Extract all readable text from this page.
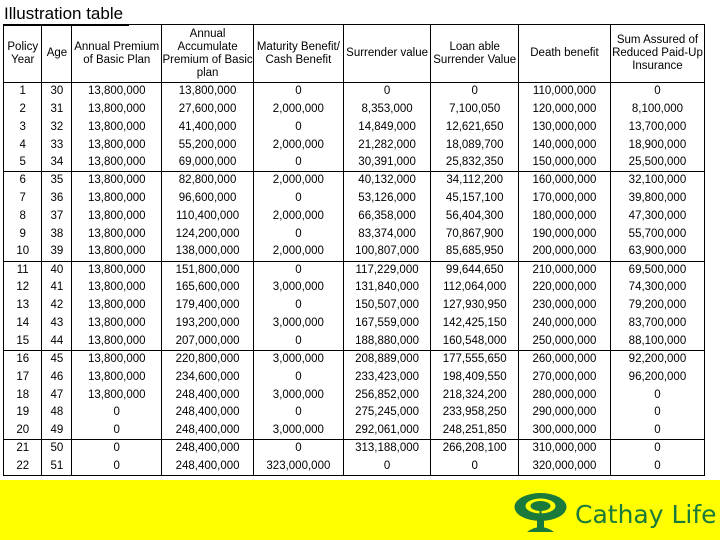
Illustration table
Policy Year	Age	Annual Premium of Basic Plan	Annual Accumulate Premium of Basic plan	Maturity Benefit/ Cash Benefit	Surrender value	Loan able Surrender Value	Death benefit	Sum Assured of Reduced Paid-Up Insurance
1	30	13,800,000	13,800,000	0	0	0	110,000,000	0
2	31	13,800,000	27,600,000	2,000,000	8,353,000	7,100,050	120,000,000	8,100,000
3	32	13,800,000	41,400,000	0	14,849,000	12,621,650	130,000,000	13,700,000
4	33	13,800,000	55,200,000	2,000,000	21,282,000	18,089,700	140,000,000	18,900,000
5	34	13,800,000	69,000,000	0	30,391,000	25,832,350	150,000,000	25,500,000
6	35	13,800,000	82,800,000	2,000,000	40,132,000	34,112,200	160,000,000	32,100,000
7	36	13,800,000	96,600,000	0	53,126,000	45,157,100	170,000,000	39,800,000
8	37	13,800,000	110,400,000	2,000,000	66,358,000	56,404,300	180,000,000	47,300,000
9	38	13,800,000	124,200,000	0	83,374,000	70,867,900	190,000,000	55,700,000
10	39	13,800,000	138,000,000	2,000,000	100,807,000	85,685,950	200,000,000	63,900,000
11	40	13,800,000	151,800,000	0	117,229,000	99,644,650	210,000,000	69,500,000
12	41	13,800,000	165,600,000	3,000,000	131,840,000	112,064,000	220,000,000	74,300,000
13	42	13,800,000	179,400,000	0	150,507,000	127,930,950	230,000,000	79,200,000
14	43	13,800,000	193,200,000	3,000,000	167,559,000	142,425,150	240,000,000	83,700,000
15	44	13,800,000	207,000,000	0	188,880,000	160,548,000	250,000,000	88,100,000
16	45	13,800,000	220,800,000	3,000,000	208,889,000	177,555,650	260,000,000	92,200,000
17	46	13,800,000	234,600,000	0	233,423,000	198,409,550	270,000,000	96,200,000
18	47	13,800,000	248,400,000	3,000,000	256,852,000	218,324,200	280,000,000	0
19	48	0	248,400,000	0	275,245,000	233,958,250	290,000,000	0
20	49	0	248,400,000	3,000,000	292,061,000	248,251,850	300,000,000	0
21	50	0	248,400,000	0	313,188,000	266,208,100	310,000,000	0
22	51	0	248,400,000	323,000,000	0	0	320,000,000	0
Cathay Life
